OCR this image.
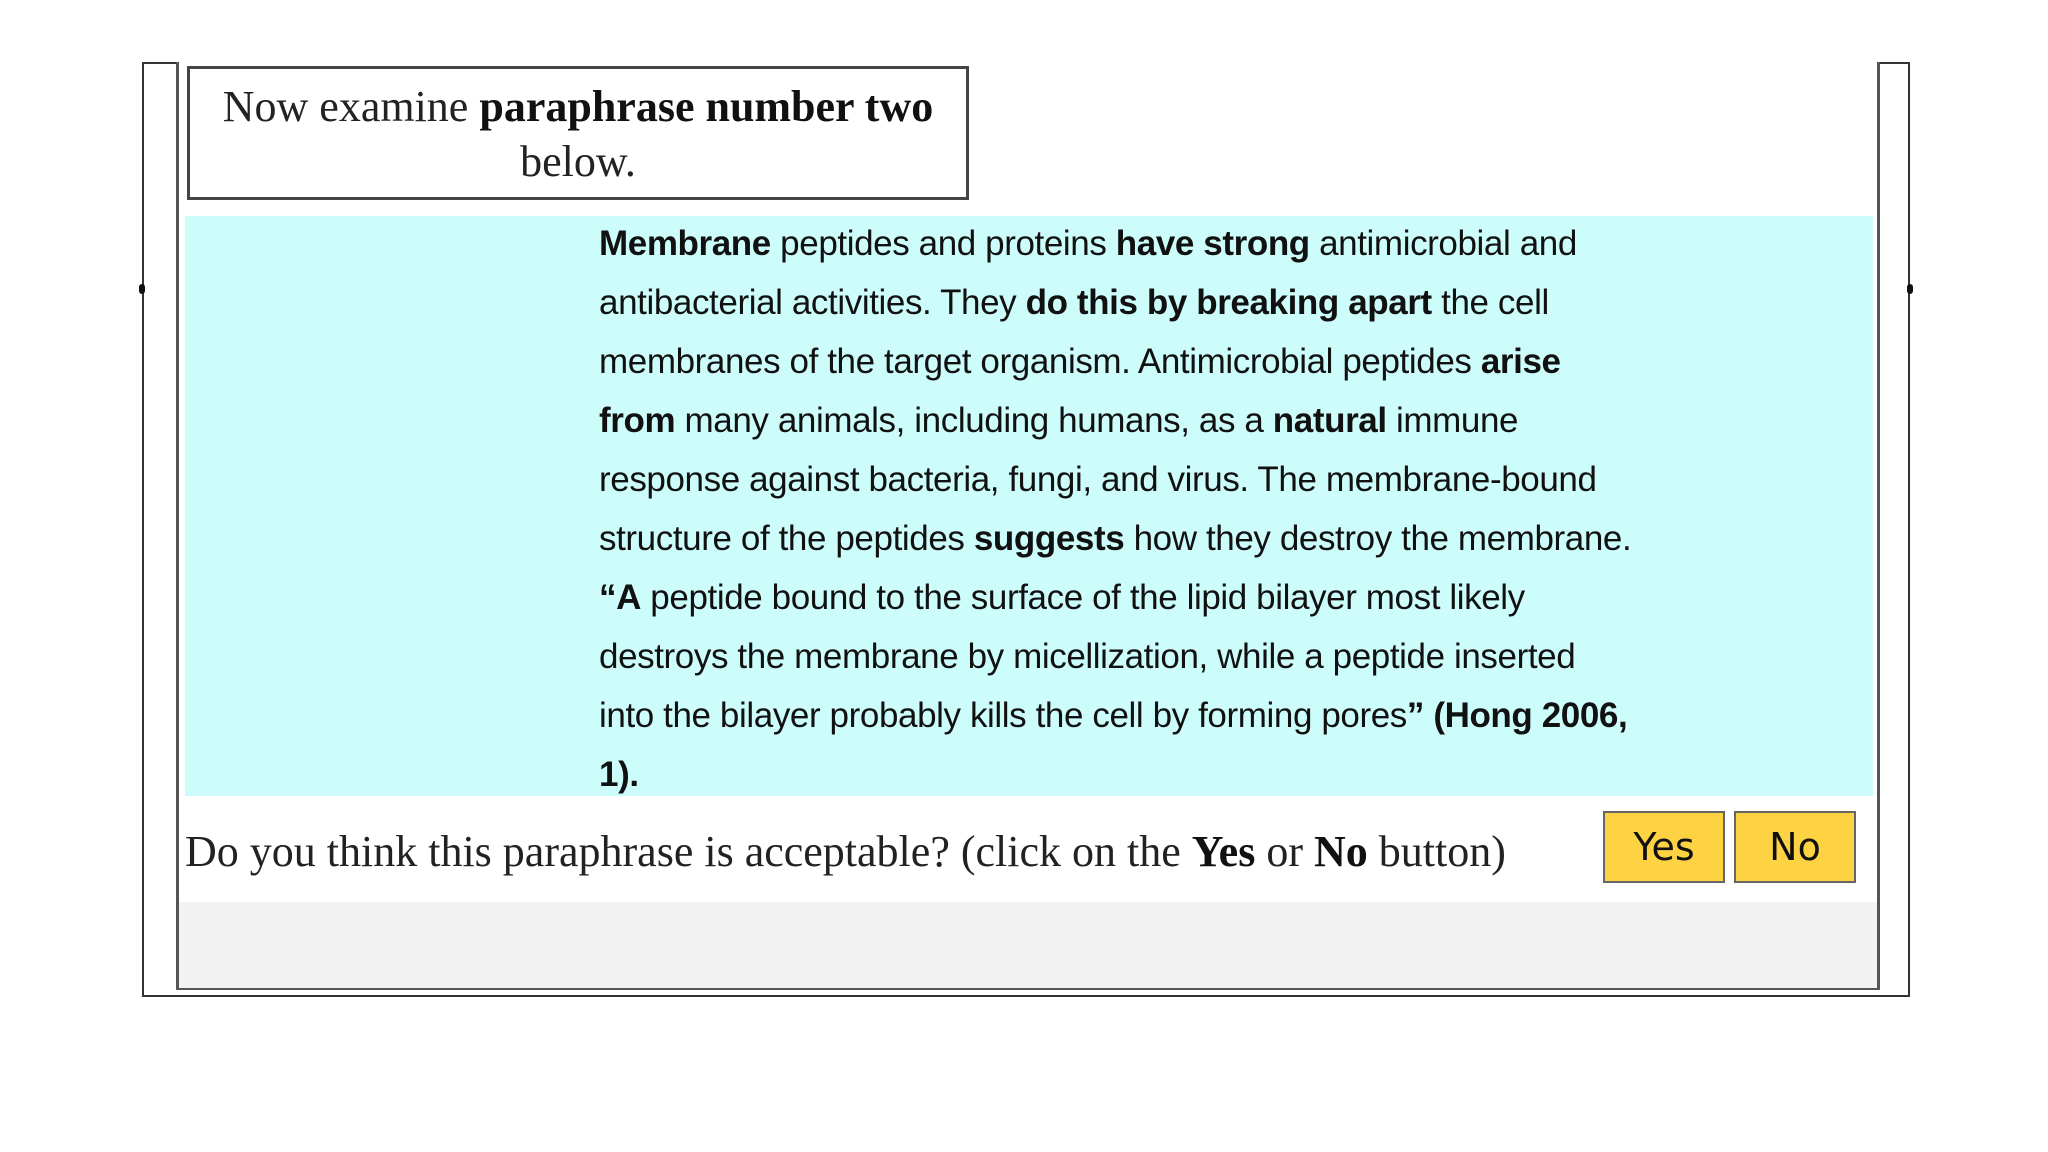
Now examine paraphrase number two
below.
Membrane peptides and proteins have strong antimicrobial and antibacterial activities. They do this by breaking apart the cell membranes of the target organism. Antimicrobial peptides arise from many animals, including humans, as a natural immune response against bacteria, fungi, and virus. The membrane-bound structure of the peptides suggests how they destroy the membrane. “A peptide bound to the surface of the lipid bilayer most likely destroys the membrane by micellization, while a peptide inserted into the bilayer probably kills the cell by forming pores” (Hong 2006, 1).
Do you think this paraphrase is acceptable? (click on the Yes or No button)	Yes	No
